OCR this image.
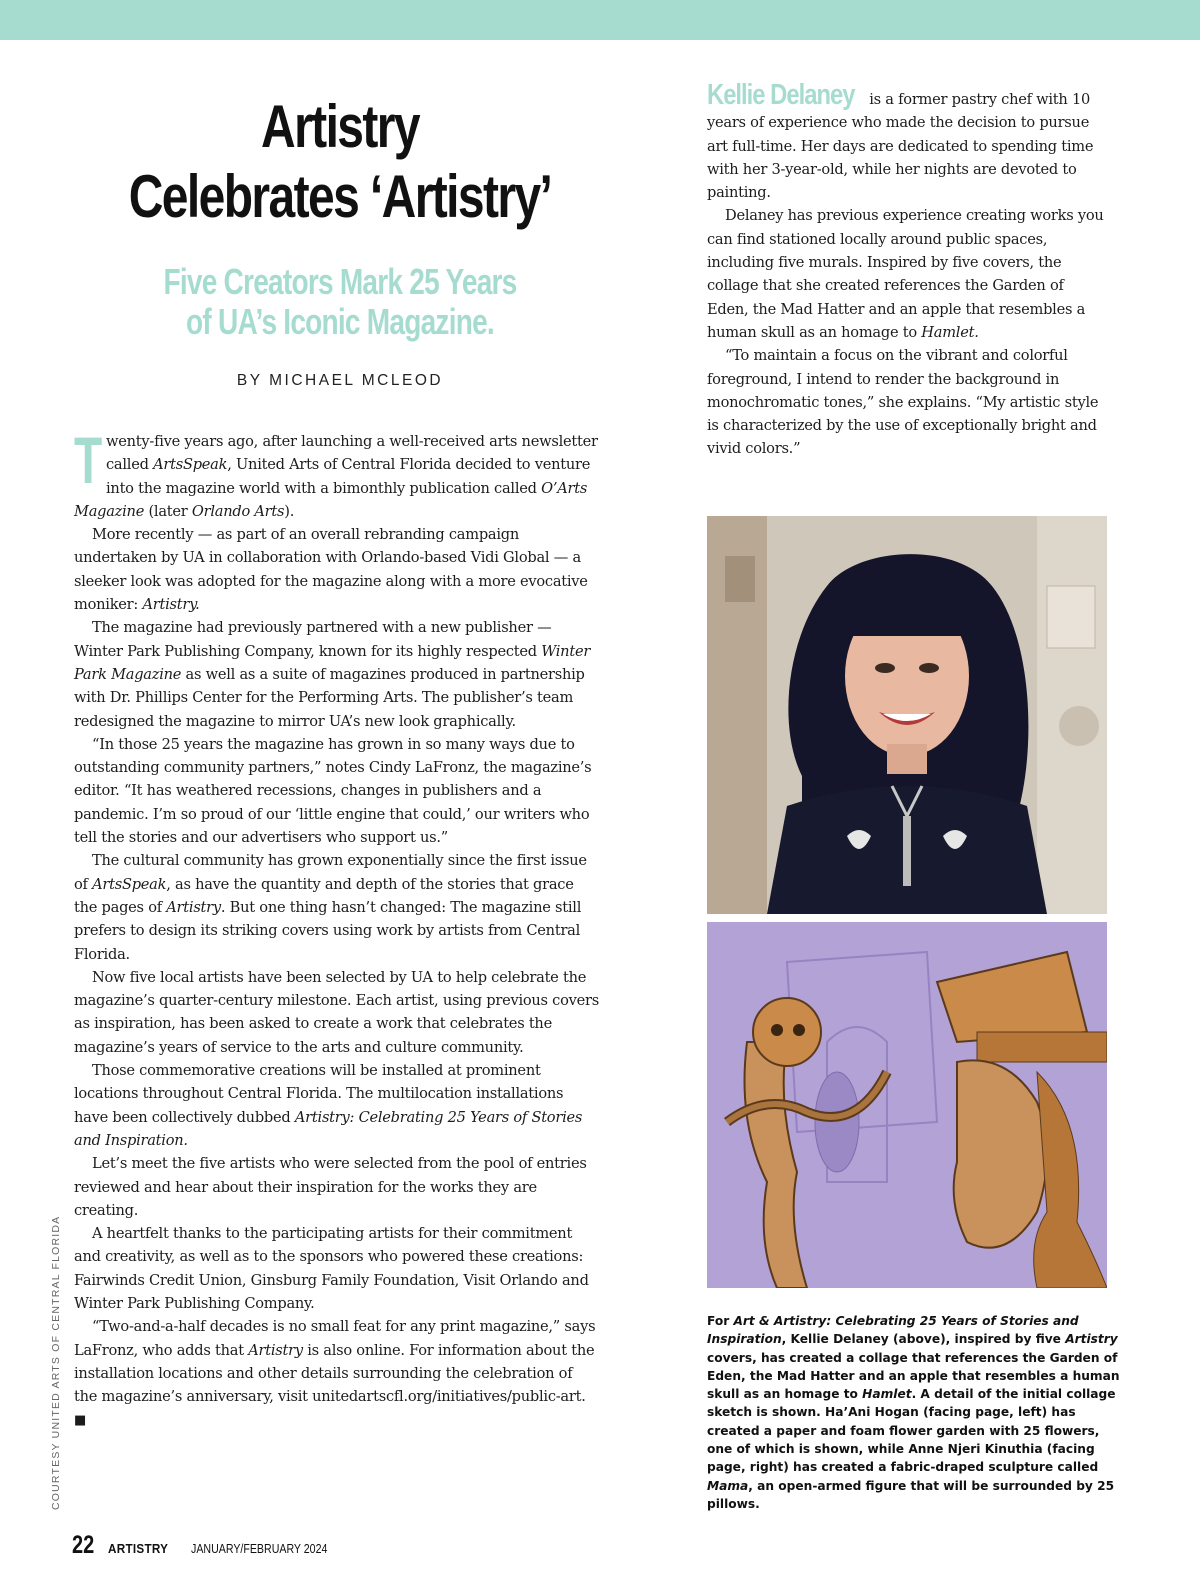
Artistry
Celebrates ‘Artistry’
Five Creators Mark 25 Years
of UA’s Iconic Magazine.
BY MICHAEL MCLEOD

Twenty-five years ago, after launching a well-received arts newsletter called ArtsSpeak, United Arts of Central Florida decided to venture into the magazine world with a bimonthly publication called O’Arts Magazine (later Orlando Arts).

More recently — as part of an overall rebranding campaign undertaken by UA in collaboration with Orlando-based Vidi Global — a sleeker look was adopted for the magazine along with a more evocative moniker: Artistry.

The magazine had previously partnered with a new publisher — Winter Park Publishing Company, known for its highly respected Winter Park Magazine as well as a suite of magazines produced in partnership with Dr. Phillips Center for the Performing Arts. The publisher’s team redesigned the magazine to mirror UA’s new look graphically.

“In those 25 years the magazine has grown in so many ways due to outstanding community partners,” notes Cindy LaFronz, the magazine’s editor. “It has weathered recessions, changes in publishers and a pandemic. I’m so proud of our ‘little engine that could,’ our writers who tell the stories and our advertisers who support us.”

The cultural community has grown exponentially since the first issue of ArtsSpeak, as have the quantity and depth of the stories that grace the pages of Artistry. But one thing hasn’t changed: The magazine still prefers to design its striking covers using work by artists from Central Florida.

Now five local artists have been selected by UA to help celebrate the magazine’s quarter-century milestone. Each artist, using previous covers as inspiration, has been asked to create a work that celebrates the magazine’s years of service to the arts and culture community.

Those commemorative creations will be installed at prominent locations throughout Central Florida. The multilocation installations have been collectively dubbed Artistry: Celebrating 25 Years of Stories and Inspiration.

Let’s meet the five artists who were selected from the pool of entries reviewed and hear about their inspiration for the works they are creating.

A heartfelt thanks to the participating artists for their commitment and creativity, as well as to the sponsors who powered these creations: Fairwinds Credit Union, Ginsburg Family Foundation, Visit Orlando and Winter Park Publishing Company.

“Two-and-a-half decades is no small feat for any print magazine,” says LaFronz, who adds that Artistry is also online. For information about the installation locations and other details surrounding the celebration of the magazine’s anniversary, visit unitedartscfl.org/initiatives/public-art. ■

Kellie Delaney is a former pastry chef with 10 years of experience who made the decision to pursue art full-time. Her days are dedicated to spending time with her 3-year-old, while her nights are devoted to painting.

Delaney has previous experience creating works you can find stationed locally around public spaces, including five murals. Inspired by five covers, the collage that she created references the Garden of Eden, the Mad Hatter and an apple that resembles a human skull as an homage to Hamlet.

“To maintain a focus on the vibrant and colorful foreground, I intend to render the background in monochromatic tones,” she explains. “My artistic style is characterized by the use of exceptionally bright and vivid colors.”

For Art & Artistry: Celebrating 25 Years of Stories and Inspiration, Kellie Delaney (above), inspired by five Artistry covers, has created a collage that references the Garden of Eden, the Mad Hatter and an apple that resembles a human skull as an homage to Hamlet. A detail of the initial collage sketch is shown. Ha’Ani Hogan (facing page, left) has created a paper and foam flower garden with 25 flowers, one of which is shown, while Anne Njeri Kinuthia (facing page, right) has created a fabric-draped sculpture called Mama, an open-armed figure that will be surrounded by 25 pillows.
COURTESY UNITED ARTS OF CENTRAL FLORIDA
22 ARTISTRY JANUARY/FEBRUARY 2024
